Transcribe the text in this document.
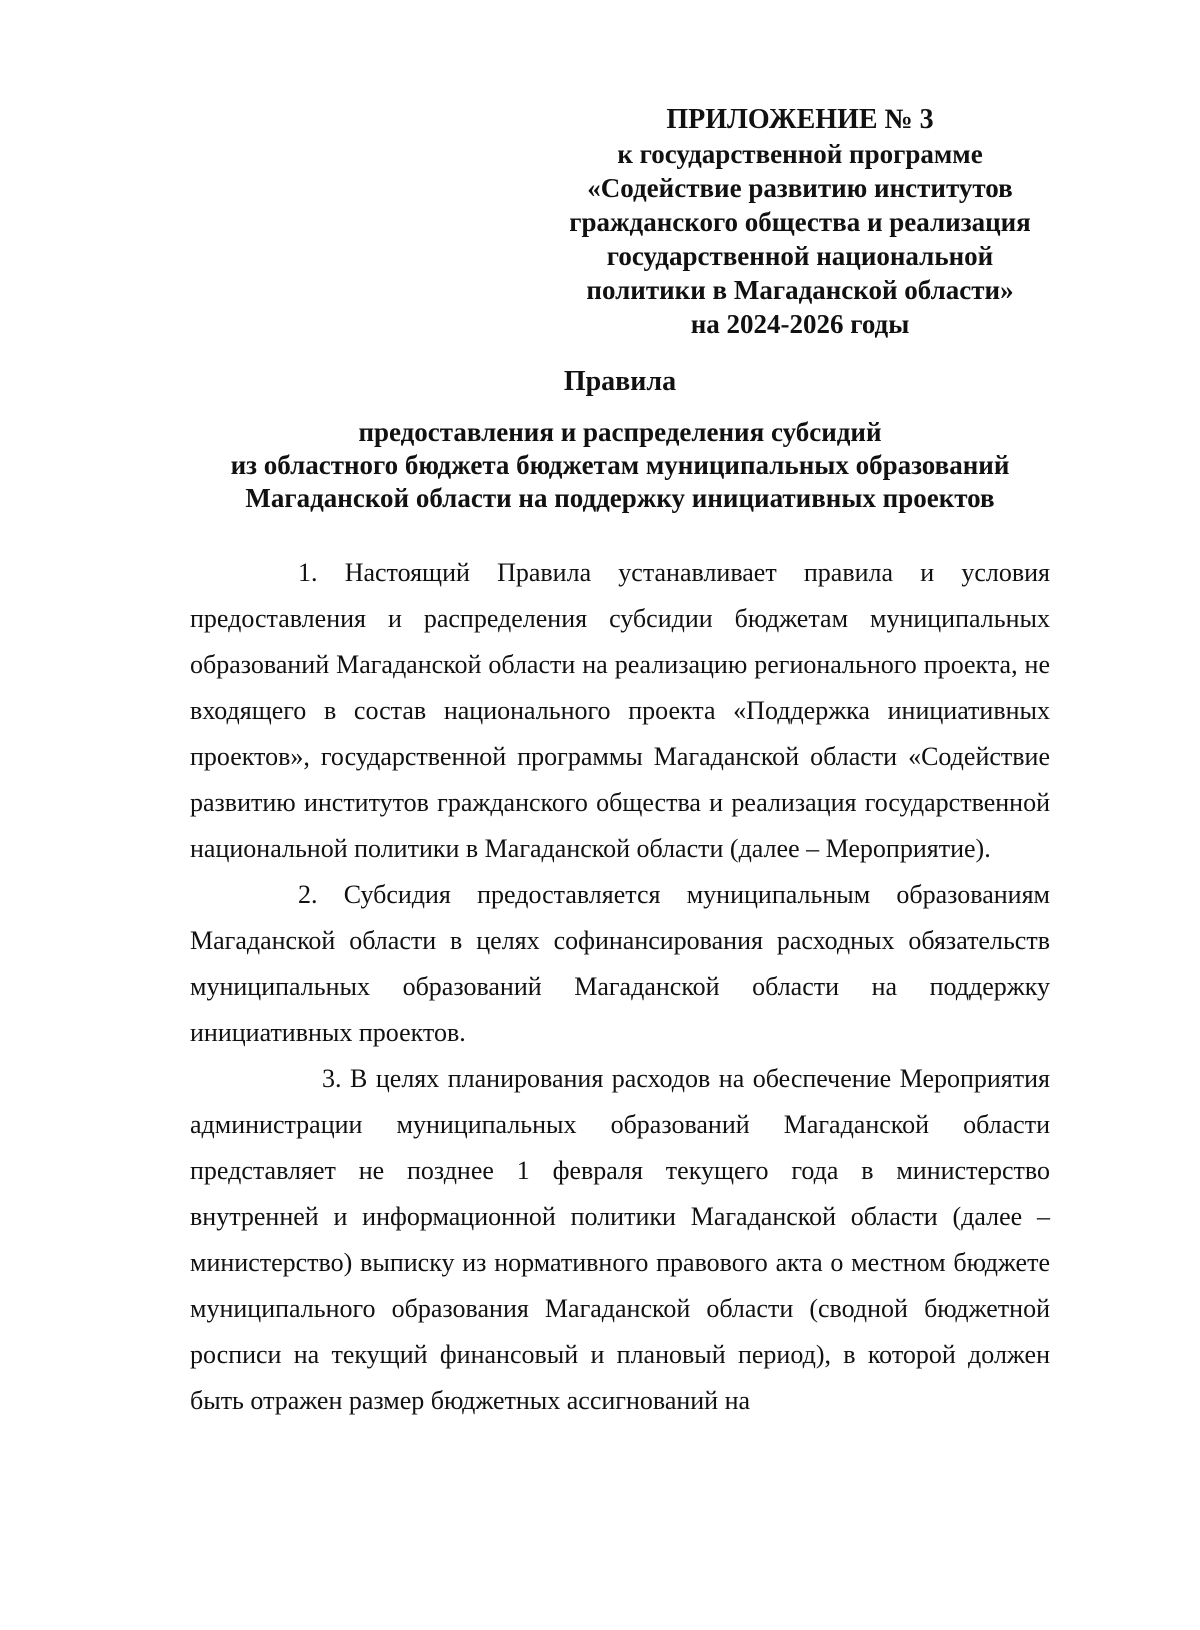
ПРИЛОЖЕНИЕ № 3
к государственной программе
«Содействие развитию институтов
гражданского общества и реализация
государственной национальной
политики в Магаданской области»
на 2024-2026 годы
Правила
предоставления и распределения субсидий
из областного бюджета бюджетам муниципальных образований
Магаданской области на поддержку инициативных проектов

1. Настоящий Правила устанавливает правила и условия предоставления и распределения субсидии бюджетам муниципальных образований Магаданской области на реализацию регионального проекта, не входящего в состав национального проекта «Поддержка инициативных проектов», государственной программы Магаданской области «Содействие развитию институтов гражданского общества и реализация государственной национальной политики в Магаданской области (далее – Мероприятие).

2. Субсидия предоставляется муниципальным образованиям Магаданской области в целях софинансирования расходных обязательств муниципальных образований Магаданской области на поддержку инициативных проектов.

3. В целях планирования расходов на обеспечение Мероприятия администрации муниципальных образований Магаданской области представляет не позднее 1 февраля текущего года в министерство внутренней и информационной политики Магаданской области (далее – министерство) выписку из нормативного правового акта о местном бюджете муниципального образования Магаданской области (сводной бюджетной росписи на текущий финансовый и плановый период), в которой должен быть отражен размер бюджетных ассигнований на
